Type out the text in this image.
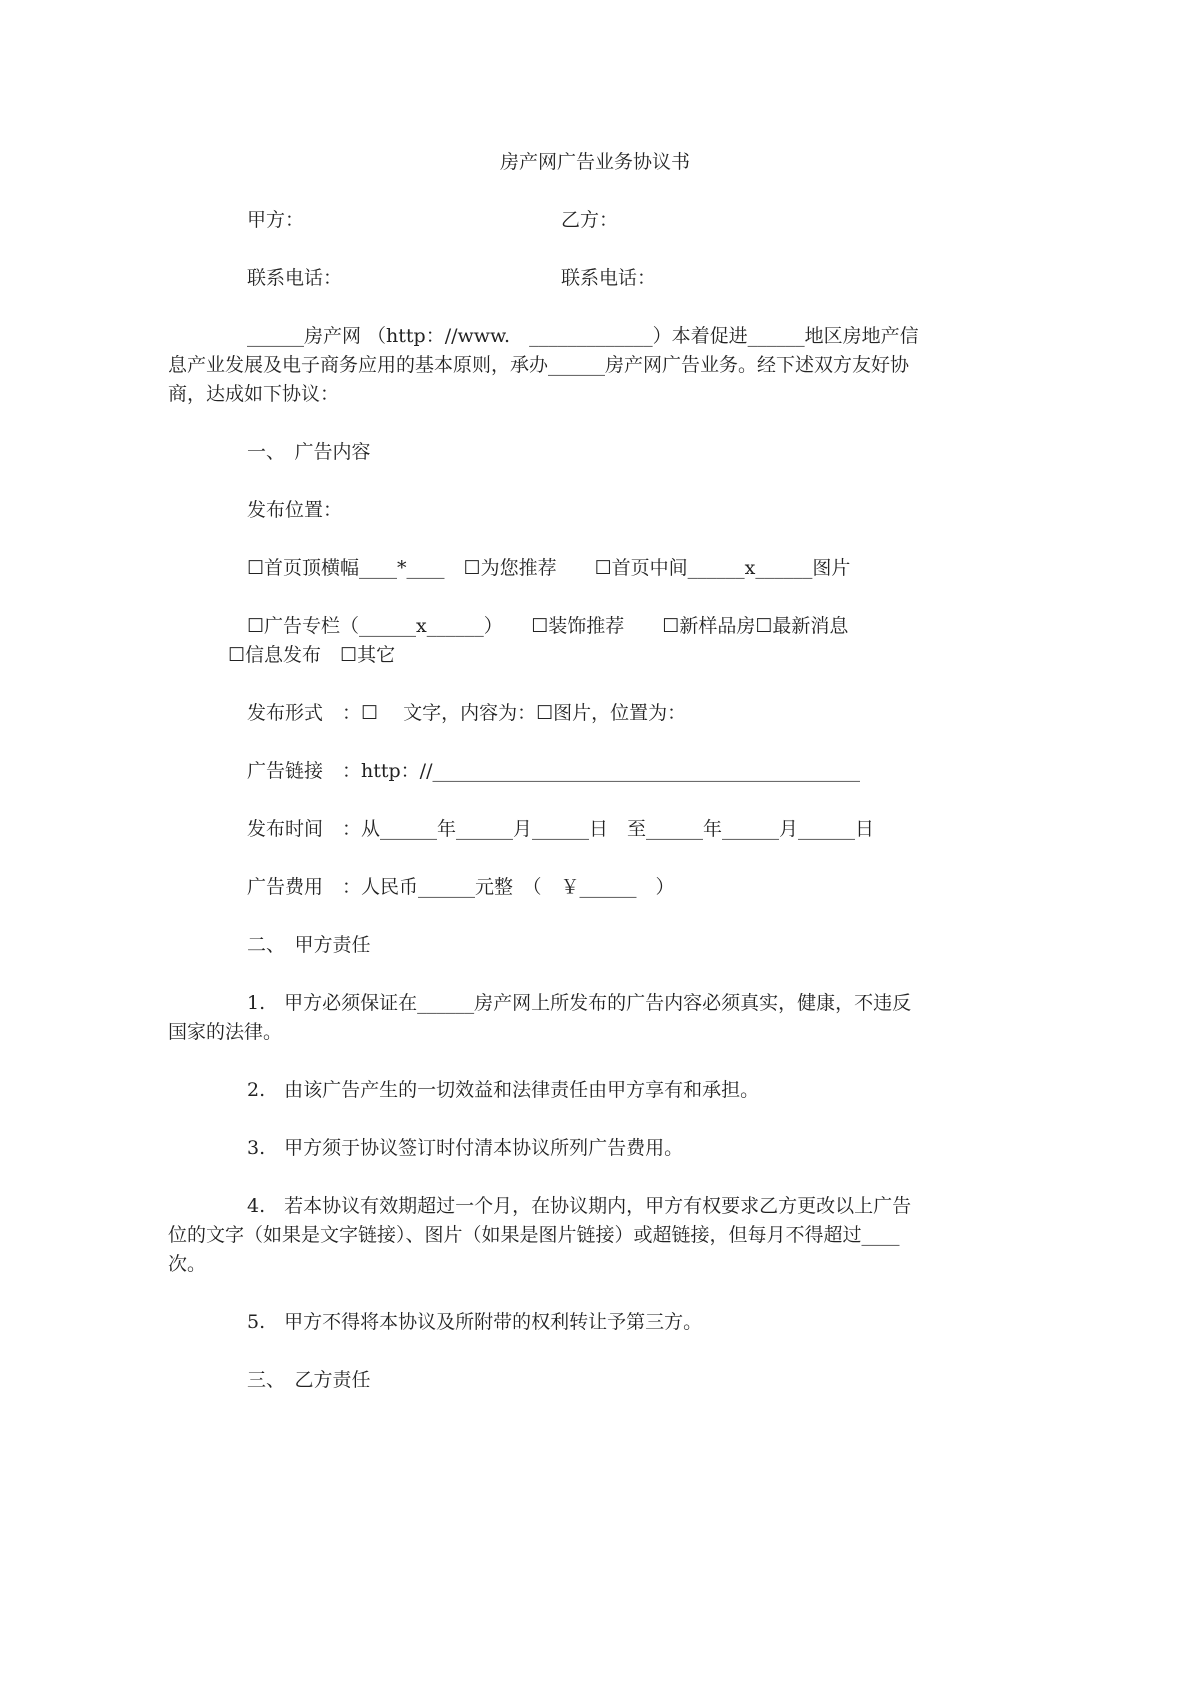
房产网广告业务协议书
甲方：	乙方：
联系电话：	联系电话：
______房产网 （http：//www.　_____________）本着促进______地区房地产信
息产业发展及电子商务应用的基本原则，承办______房产网广告业务。经下述双方友好协
商，达成如下协议：
一、　广告内容
发布位置：
☐首页顶横幅____*____　☐为您推荐　　☐首页中间______x______图片
☐广告专栏（______x______）　　☐装饰推荐　　☐新样品房☐最新消息
☐信息发布　☐其它
发布形式　：☐　 文字，内容为：☐图片，位置为：
广告链接　：http：//_____________________________________________
发布时间　：从______年______月______日　至______年______月______日
广告费用　：人民币______元整　（　￥______　）
二、　甲方责任
1.　甲方必须保证在______房产网上所发布的广告内容必须真实，健康，不违反
国家的法律。
2.　由该广告产生的一切效益和法律责任由甲方享有和承担。
3.　甲方须于协议签订时付清本协议所列广告费用。
4.　若本协议有效期超过一个月，在协议期内，甲方有权要求乙方更改以上广告
位的文字（如果是文字链接）、图片（如果是图片链接）或超链接，但每月不得超过____
次。
5.　甲方不得将本协议及所附带的权利转让予第三方。
三、　乙方责任
